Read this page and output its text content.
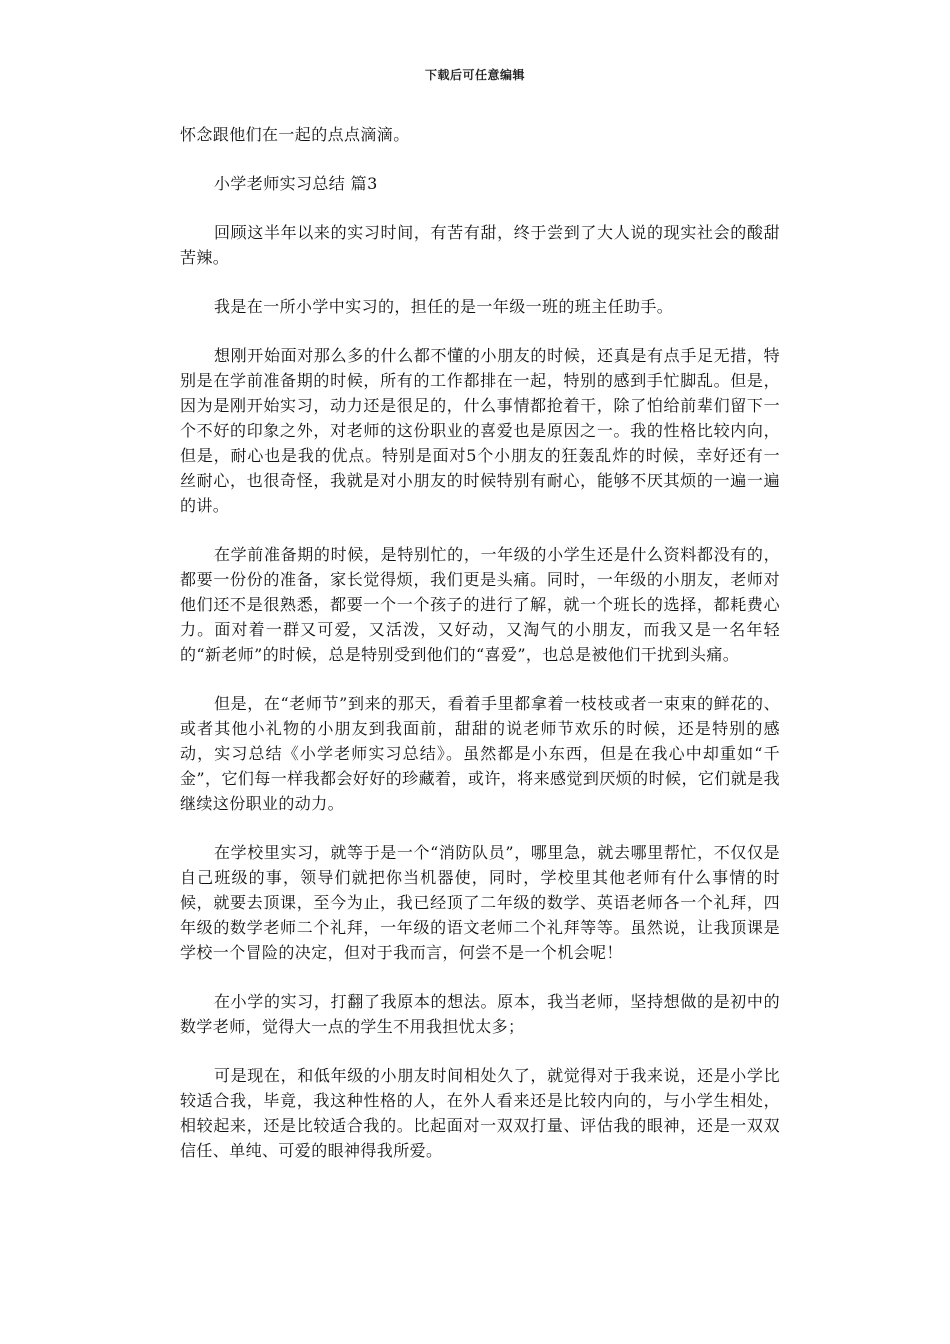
下载后可任意编辑

怀念跟他们在一起的点点滴滴。

小学老师实习总结 篇3

回顾这半年以来的实习时间，有苦有甜，终于尝到了大人说的现实社会的酸甜苦辣。

我是在一所小学中实习的，担任的是一年级一班的班主任助手。

想刚开始面对那么多的什么都不懂的小朋友的时候，还真是有点手足无措，特别是在学前准备期的时候，所有的工作都排在一起，特别的感到手忙脚乱。但是，因为是刚开始实习，动力还是很足的，什么事情都抢着干，除了怕给前辈们留下一个不好的印象之外，对老师的这份职业的喜爱也是原因之一。我的性格比较内向，但是，耐心也是我的优点。特别是面对5个小朋友的狂轰乱炸的时候，幸好还有一丝耐心，也很奇怪，我就是对小朋友的时候特别有耐心，能够不厌其烦的一遍一遍的讲。

在学前准备期的时候，是特别忙的，一年级的小学生还是什么资料都没有的，都要一份份的准备，家长觉得烦，我们更是头痛。同时，一年级的小朋友，老师对他们还不是很熟悉，都要一个一个孩子的进行了解，就一个班长的选择，都耗费心力。面对着一群又可爱，又活泼，又好动，又淘气的小朋友，而我又是一名年轻的“新老师”的时候，总是特别受到他们的“喜爱”，也总是被他们干扰到头痛。

但是，在“老师节”到来的那天，看着手里都拿着一枝枝或者一束束的鲜花的、或者其他小礼物的小朋友到我面前，甜甜的说老师节欢乐的时候，还是特别的感动，实习总结《小学老师实习总结》。虽然都是小东西，但是在我心中却重如“千金”，它们每一样我都会好好的珍藏着，或许，将来感觉到厌烦的时候，它们就是我继续这份职业的动力。

在学校里实习，就等于是一个“消防队员”，哪里急，就去哪里帮忙，不仅仅是自己班级的事，领导们就把你当机器使，同时，学校里其他老师有什么事情的时候，就要去顶课，至今为止，我已经顶了二年级的数学、英语老师各一个礼拜，四年级的数学老师二个礼拜，一年级的语文老师二个礼拜等等。虽然说，让我顶课是学校一个冒险的决定，但对于我而言，何尝不是一个机会呢！

在小学的实习，打翻了我原本的想法。原本，我当老师，坚持想做的是初中的数学老师，觉得大一点的学生不用我担忧太多；

可是现在，和低年级的小朋友时间相处久了，就觉得对于我来说，还是小学比较适合我，毕竟，我这种性格的人，在外人看来还是比较内向的，与小学生相处，相较起来，还是比较适合我的。比起面对一双双打量、评估我的眼神，还是一双双信任、单纯、可爱的眼神得我所爱。
